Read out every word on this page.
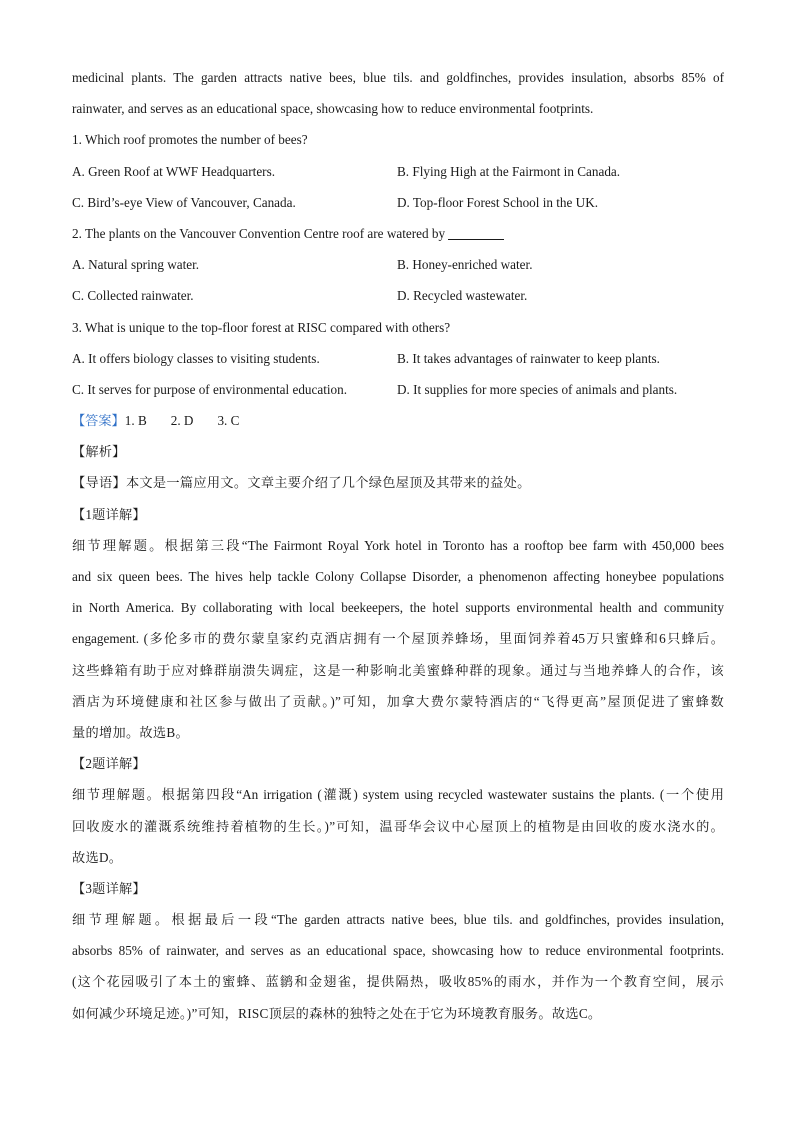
medicinal plants. The garden attracts native bees, blue tils. and goldfinches, provides insulation, absorbs 85% of
rainwater, and serves as an educational space, showcasing how to reduce environmental footprints.
1. Which roof promotes the number of bees?
A. Green Roof at WWF Headquarters.	B. Flying High at the Fairmont in Canada.
C. Bird’s-eye View of Vancouver, Canada.	D. Top-floor Forest School in the UK.
2. The plants on the Vancouver Convention Centre roof are watered by
A. Natural spring water.	B. Honey-enriched water.
C. Collected rainwater.	D. Recycled wastewater.
3. What is unique to the top-floor forest at RISC compared with others?
A. It offers biology classes to visiting students.	B. It takes advantages of rainwater to keep plants.
C. It serves for purpose of environmental education.	D. It supplies for more species of animals and plants.
【答案】1. B 2. D 3. C
【解析】
【导语】本文是一篇应用文。文章主要介绍了几个绿色屋顶及其带来的益处。
【1题详解】
细节理解题。根据第三段“The Fairmont Royal York hotel in Toronto has a rooftop bee farm with 450,000 bees
and six queen bees. The hives help tackle Colony Collapse Disorder, a phenomenon affecting honeybee populations
in North America. By collaborating with local beekeepers, the hotel supports environmental health and community
engagement. (多伦多市的费尔蒙皇家约克酒店拥有一个屋顶养蜂场，里面饲养着45万只蜜蜂和6只蜂后。
这些蜂箱有助于应对蜂群崩溃失调症，这是一种影响北美蜜蜂种群的现象。通过与当地养蜂人的合作，该
酒店为环境健康和社区参与做出了贡献。)”可知，加拿大费尔蒙特酒店的“飞得更高”屋顶促进了蜜蜂数
量的增加。故选B。
【2题详解】
细节理解题。根据第四段“An irrigation (灌溉) system using recycled wastewater sustains the plants. (一个使用
回收废水的灌溉系统维持着植物的生长。)”可知，温哥华会议中心屋顶上的植物是由回收的废水浇水的。
故选D。
【3题详解】
细节理解题。根据最后一段“The garden attracts native bees, blue tils. and goldfinches, provides insulation,
absorbs 85% of rainwater, and serves as an educational space, showcasing how to reduce environmental footprints.
(这个花园吸引了本土的蜜蜂、蓝鹟和金翅雀，提供隔热，吸收85%的雨水，并作为一个教育空间，展示
如何减少环境足迹。)”可知，RISC顶层的森林的独特之处在于它为环境教育服务。故选C。
